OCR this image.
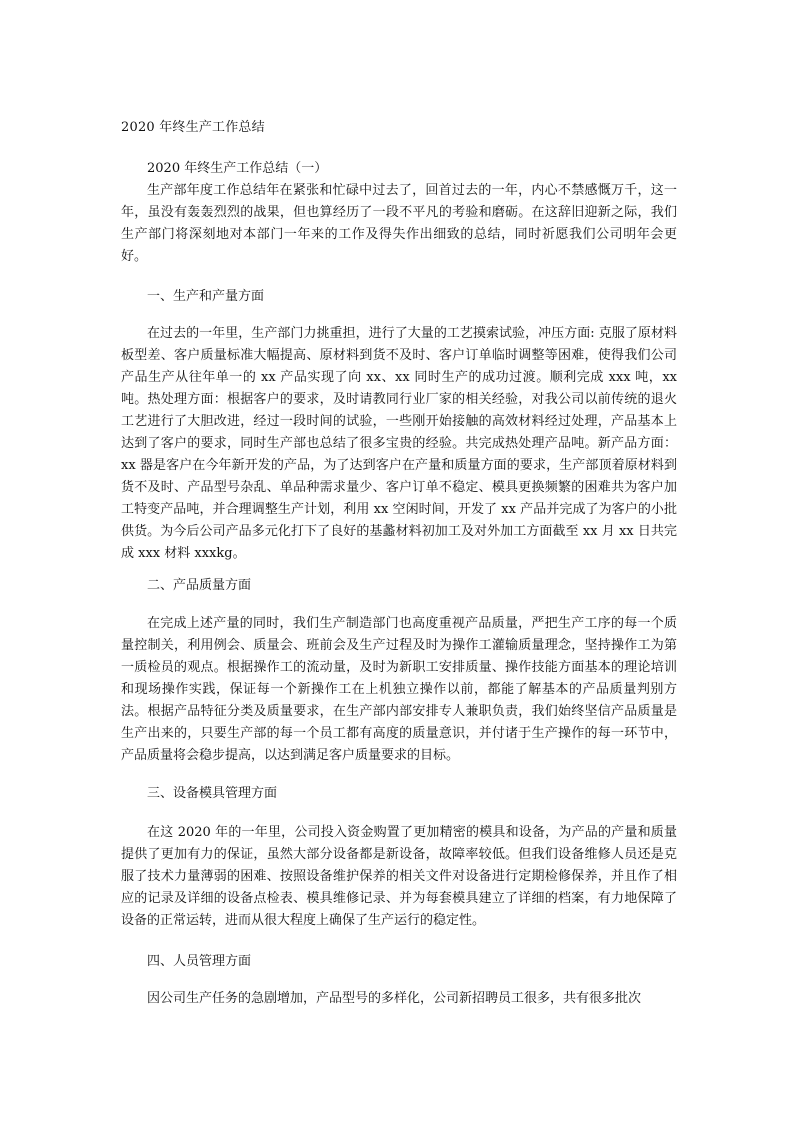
2020 年终生产工作总结
2020 年终生产工作总结（一）

生产部年度工作总结年在紧张和忙碌中过去了，回首过去的一年，内心不禁感慨万千，这一年，虽没有轰轰烈烈的战果，但也算经历了一段不平凡的考验和磨砺。在这辞旧迎新之际，我们生产部门将深刻地对本部门一年来的工作及得失作出细致的总结，同时祈愿我们公司明年会更好。

一、生产和产量方面

在过去的一年里，生产部门力挑重担，进行了大量的工艺摸索试验，冲压方面: 克服了原材料板型差、客户质量标准大幅提高、原材料到货不及时、客户订单临时调整等困难，使得我们公司产品生产从往年单一的 xx 产品实现了向 xx、xx 同时生产的成功过渡。顺利完成 xxx 吨，xx 吨。热处理方面：根据客户的要求，及时请教同行业厂家的相关经验，对我公司以前传统的退火工艺进行了大胆改进，经过一段时间的试验，一些刚开始接触的高效材料经过处理，产品基本上达到了客户的要求，同时生产部也总结了很多宝贵的经验。共完成热处理产品吨。新产品方面：xx 器是客户在今年新开发的产品，为了达到客户在产量和质量方面的要求，生产部顶着原材料到货不及时、产品型号杂乱、单品种需求量少、客户订单不稳定、模具更换频繁的困难共为客户加工特变产品吨，并合理调整生产计划，利用 xx 空闲时间，开发了 xx 产品并完成了为客户的小批供货。为今后公司产品多元化打下了良好的基蠡材料初加工及对外加工方面截至 xx 月 xx 日共完成 xxx 材料 xxxkg。

二、产品质量方面

在完成上述产量的同时，我们生产制造部门也高度重视产品质量，严把生产工序的每一个质量控制关，利用例会、质量会、班前会及生产过程及时为操作工灌输质量理念，坚持操作工为第一质检员的观点。根据操作工的流动量，及时为新职工安排质量、操作技能方面基本的理论培训和现场操作实践，保证每一个新操作工在上机独立操作以前，都能了解基本的产品质量判别方法。根据产品特征分类及质量要求，在生产部内部安排专人兼职负责，我们始终坚信产品质量是生产出来的，只要生产部的每一个员工都有高度的质量意识，并付诸于生产操作的每一环节中，产品质量将会稳步提高，以达到满足客户质量要求的目标。

三、设备模具管理方面

在这 2020 年的一年里，公司投入资金购置了更加精密的模具和设备，为产品的产量和质量提供了更加有力的保证，虽然大部分设备都是新设备，故障率较低。但我们设备维修人员还是克服了技术力量薄弱的困难、按照设备维护保养的相关文件对设备进行定期检修保养，并且作了相应的记录及详细的设备点检表、模具维修记录、并为每套模具建立了详细的档案，有力地保障了设备的正常运转，进而从很大程度上确保了生产运行的稳定性。

四、人员管理方面

因公司生产任务的急剧增加，产品型号的多样化，公司新招聘员工很多，共有很多批次
